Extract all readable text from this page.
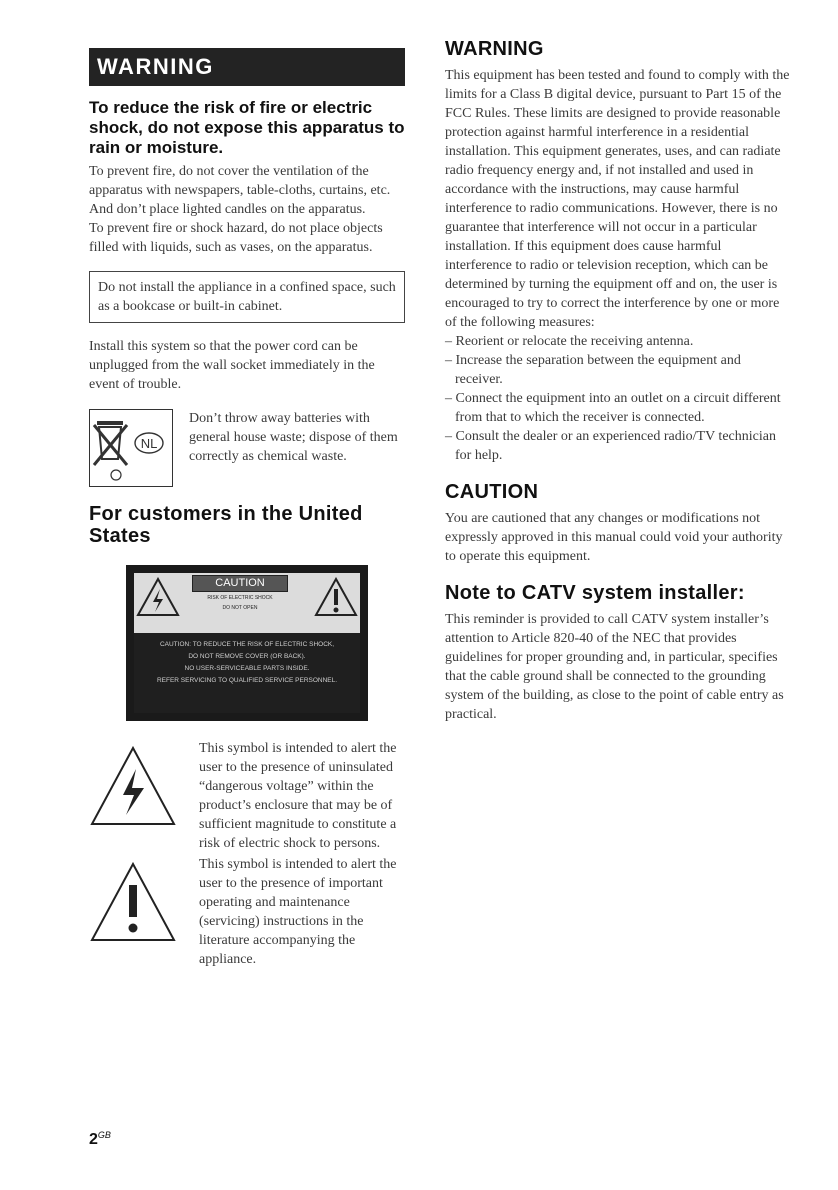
WARNING
To reduce the risk of fire or electric shock, do not expose this apparatus to rain or moisture.

To prevent fire, do not cover the ventilation of the apparatus with newspapers, table-cloths, curtains, etc. And don’t place lighted candles on the apparatus.

To prevent fire or shock hazard, do not place objects filled with liquids, such as vases, on the apparatus.

Do not install the appliance in a confined space, such as a bookcase or built-in cabinet.

Install this system so that the power cord can be unplugged from the wall socket immediately in the event of trouble.

NL
Don’t throw away batteries with general house waste; dispose of them correctly as chemical waste.
For customers in the United States
CAUTION
RISK OF ELECTRIC SHOCK
DO NOT OPEN
CAUTION: TO REDUCE THE RISK OF ELECTRIC SHOCK,
DO NOT REMOVE COVER (OR BACK).
NO USER-SERVICEABLE PARTS INSIDE.
REFER SERVICING TO QUALIFIED SERVICE PERSONNEL.
This symbol is intended to alert the user to the presence of uninsulated “dangerous voltage” within the product’s enclosure that may be of sufficient magnitude to constitute a risk of electric shock to persons.
This symbol is intended to alert the user to the presence of important operating and maintenance (servicing) instructions in the literature accompanying the appliance.
WARNING

This equipment has been tested and found to comply with the limits for a Class B digital device, pursuant to Part 15 of the FCC Rules. These limits are designed to provide reasonable protection against harmful interference in a residential installation. This equipment generates, uses, and can radiate radio frequency energy and, if not installed and used in accordance with the instructions, may cause harmful interference to radio communications. However, there is no guarantee that interference will not occur in a particular installation. If this equipment does cause harmful interference to radio or television reception, which can be determined by turning the equipment off and on, the user is encouraged to try to correct the interference by one or more of the following measures:

– Reorient or relocate the receiving antenna.
– Increase the separation between the equipment and receiver.
– Connect the equipment into an outlet on a circuit different from that to which the receiver is connected.
– Consult the dealer or an experienced radio/TV technician for help.
CAUTION

You are cautioned that any changes or modifications not expressly approved in this manual could void your authority to operate this equipment.

Note to CATV system installer:

This reminder is provided to call CATV system installer’s attention to Article 820-40 of the NEC that provides guidelines for proper grounding and, in particular, specifies that the cable ground shall be connected to the grounding system of the building, as close to the point of cable entry as practical.

$2^{GB}$
